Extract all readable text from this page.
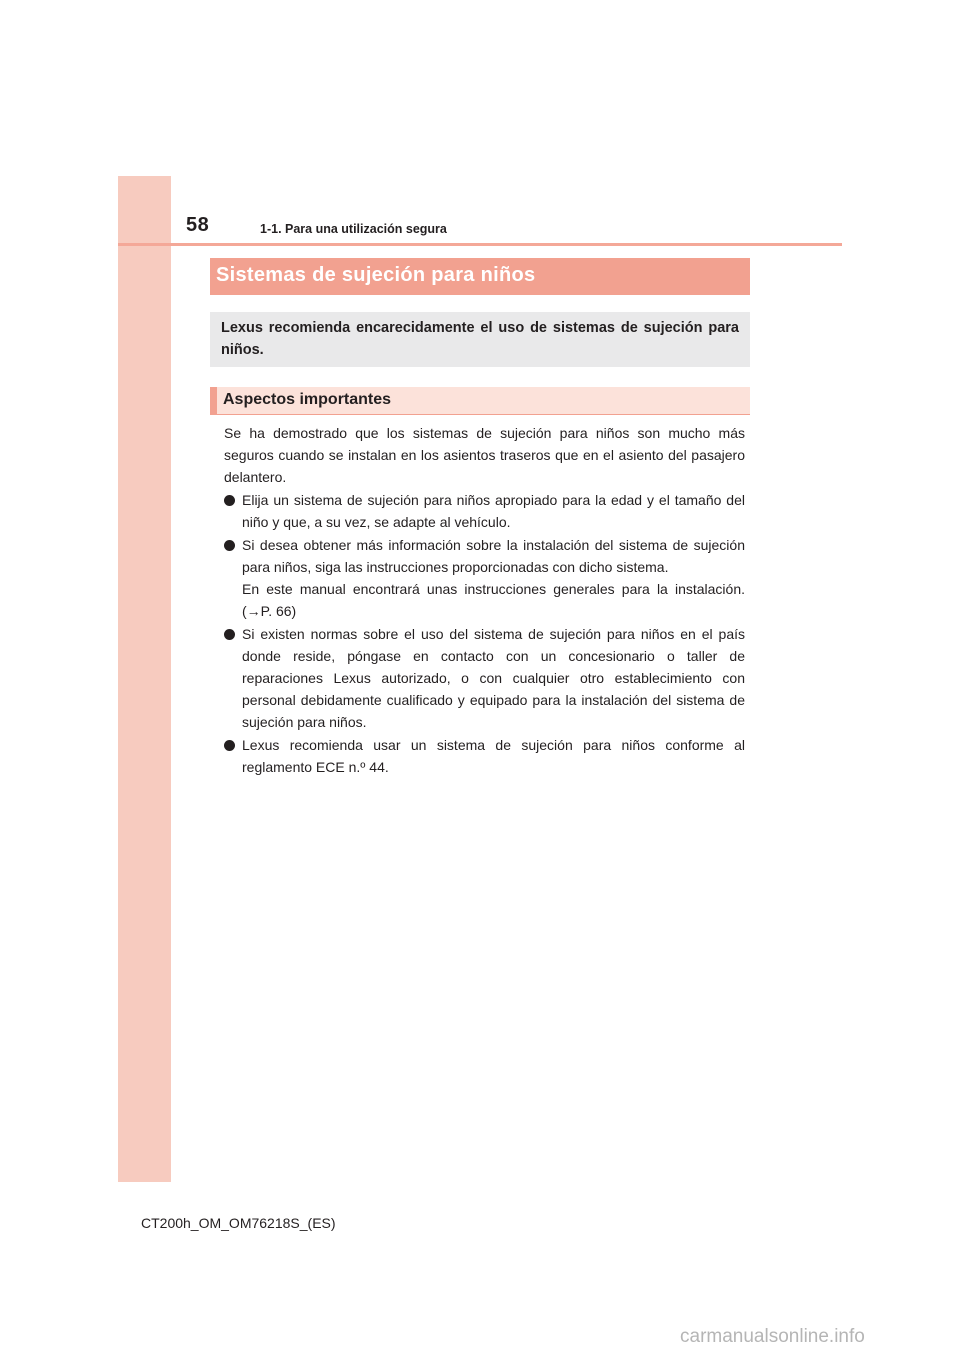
58	1-1. Para una utilización segura
Sistemas de sujeción para niños
Lexus recomienda encarecidamente el uso de sistemas de sujeción para niños.
Aspectos importantes

Se ha demostrado que los sistemas de sujeción para niños son mucho más seguros cuando se instalan en los asientos traseros que en el asiento del pasajero delantero.

Elija un sistema de sujeción para niños apropiado para la edad y el tamaño del niño y que, a su vez, se adapte al vehículo.

Si desea obtener más información sobre la instalación del sistema de sujeción para niños, siga las instrucciones proporcionadas con dicho sistema.

En este manual encontrará unas instrucciones generales para la instalación. (→P. 66)

Si existen normas sobre el uso del sistema de sujeción para niños en el país donde reside, póngase en contacto con un concesionario o taller de reparaciones Lexus autorizado, o con cualquier otro establecimiento con personal debidamente cualificado y equipado para la instalación del sistema de sujeción para niños.

Lexus recomienda usar un sistema de sujeción para niños conforme al reglamento ECE n.º 44.

CT200h_OM_OM76218S_(ES)
carmanualsonline.info
